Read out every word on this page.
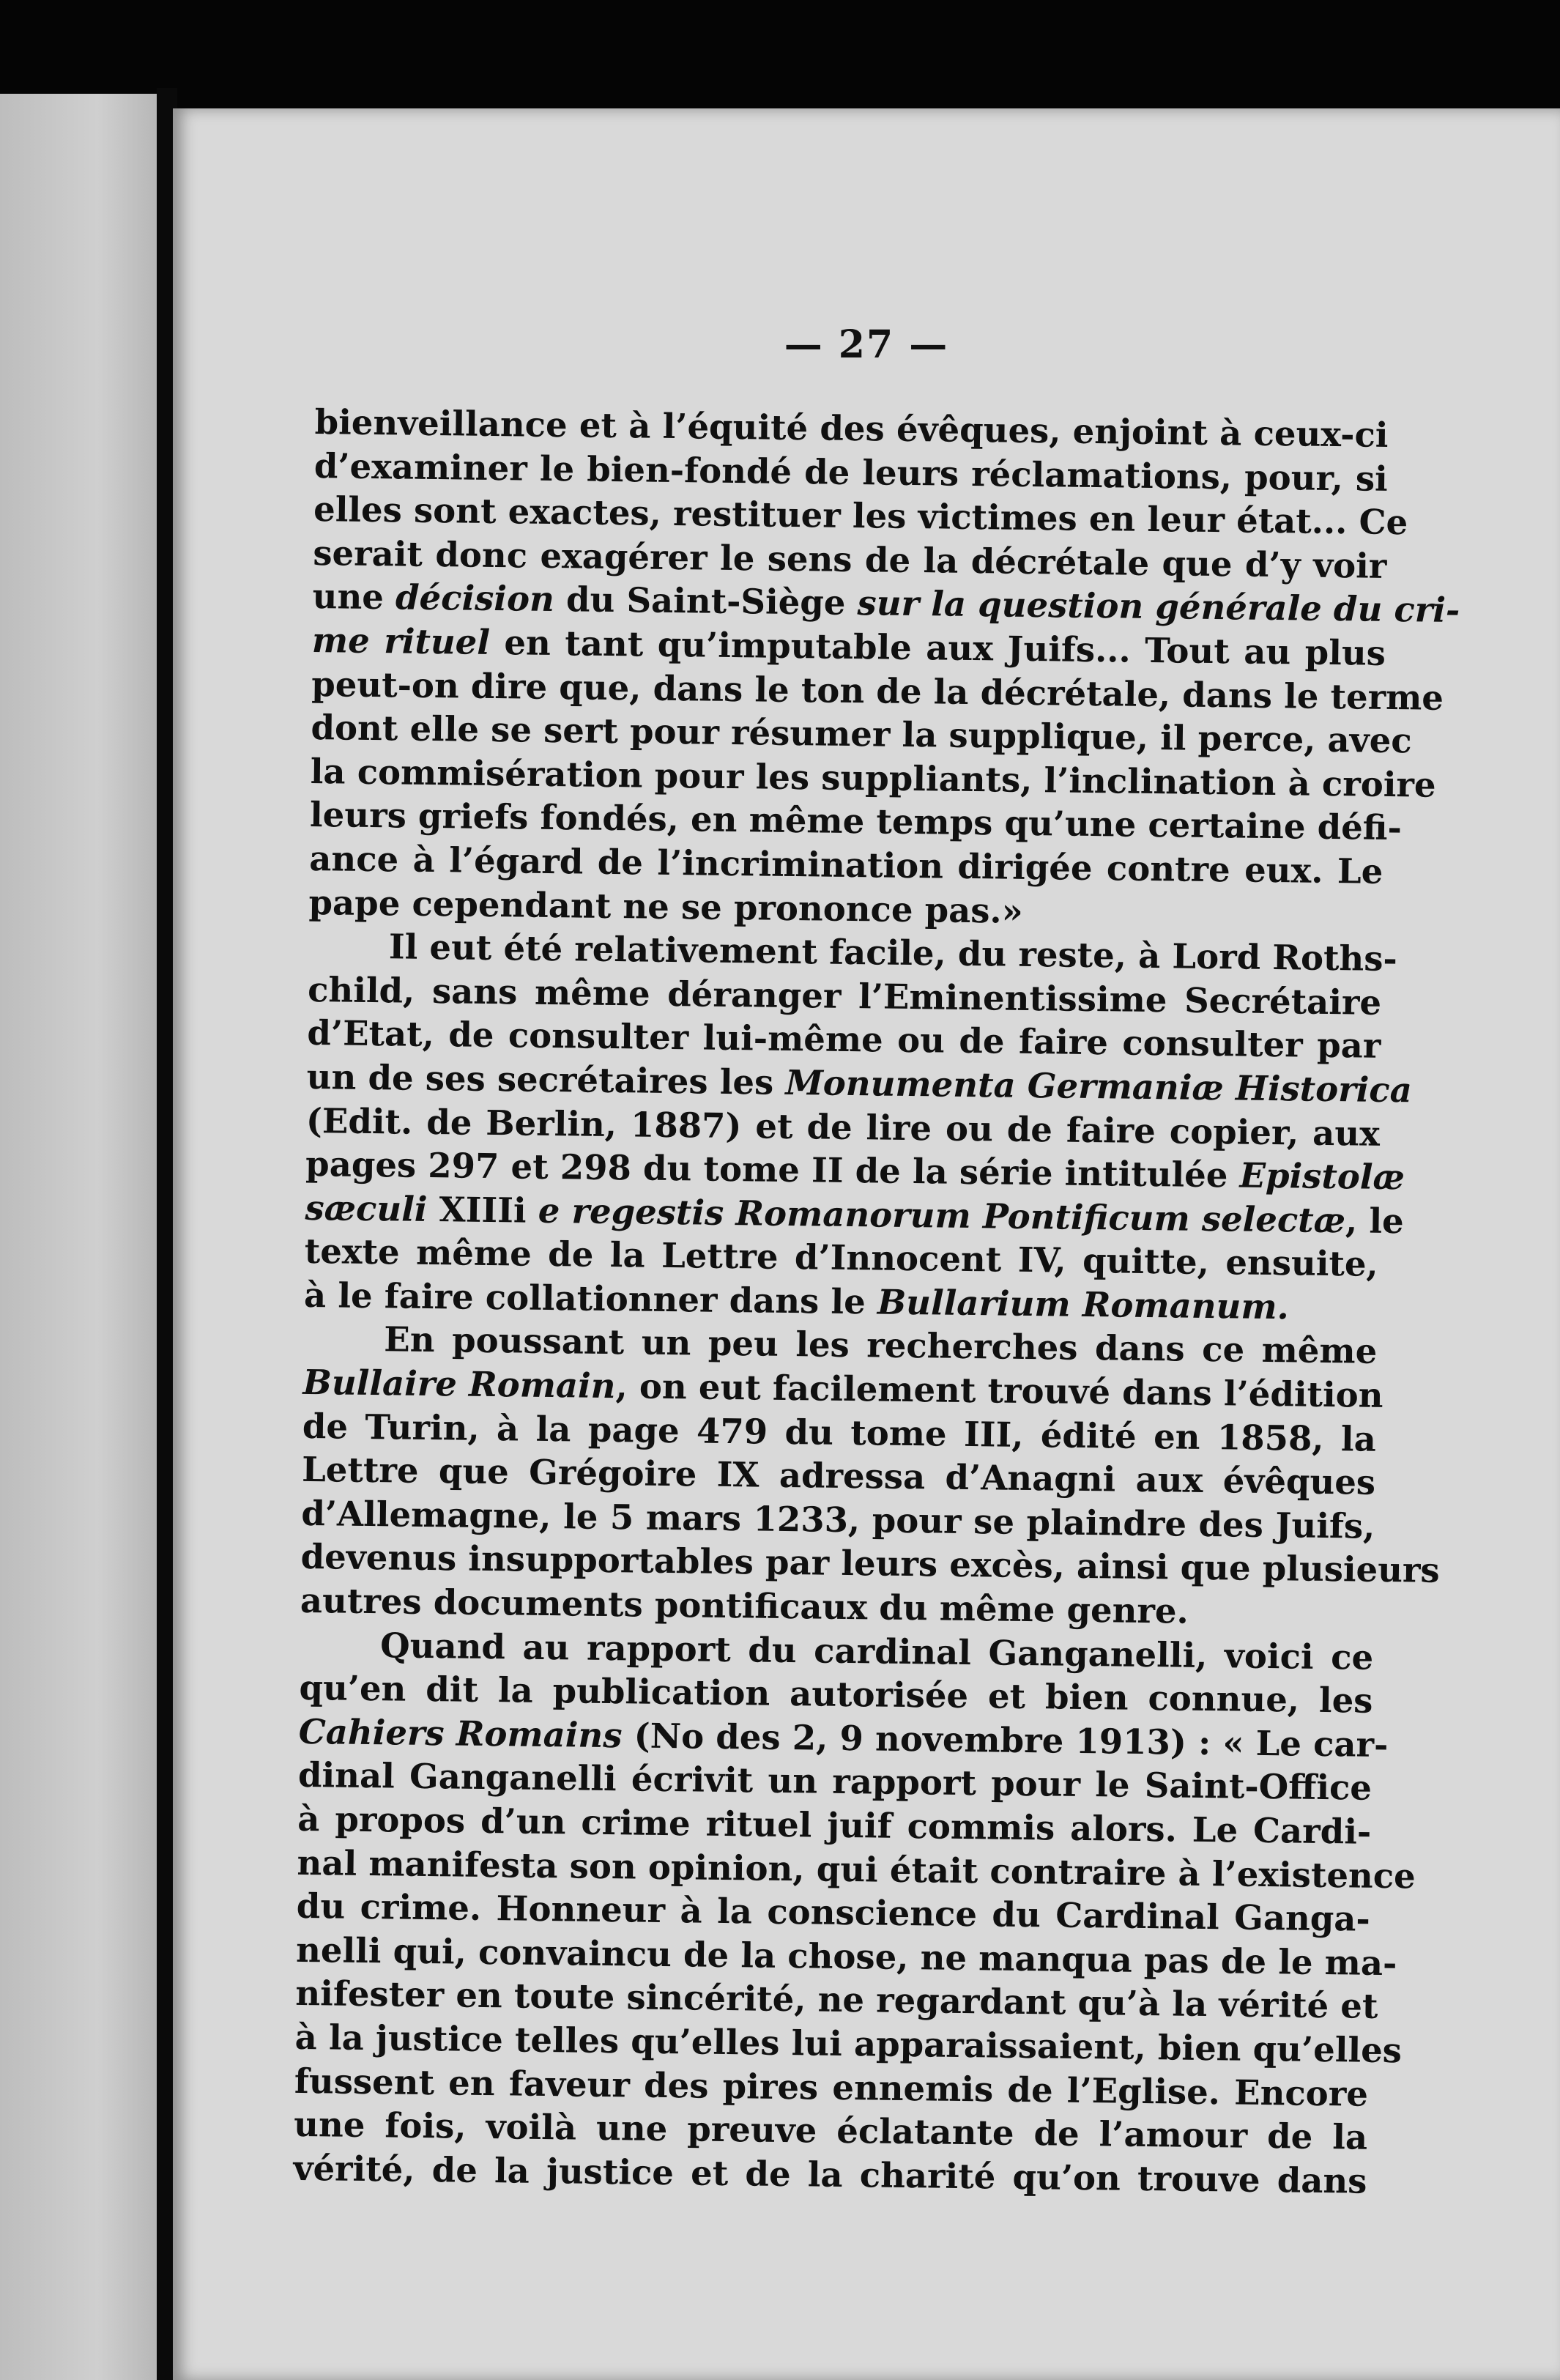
— 27 —

bienveillance et à l’équité des évêques, enjoint à ceux-ci
d’examiner le bien-fondé de leurs réclamations, pour, si
elles sont exactes, restituer les victimes en leur état... Ce
serait donc exagérer le sens de la décrétale que d’y voir
une décision du Saint-Siège sur la question générale du cri-
me rituel en tant qu’imputable aux Juifs... Tout au plus
peut-on dire que, dans le ton de la décrétale, dans le terme
dont elle se sert pour résumer la supplique, il perce, avec
la commisération pour les suppliants, l’inclination à croire
leurs griefs fondés, en même temps qu’une certaine défi-
ance à l’égard de l’incrimination dirigée contre eux. Le
pape cependant ne se prononce pas.»

Il eut été relativement facile, du reste, à Lord Roths-
child, sans même déranger l’Eminentissime Secrétaire
d’Etat, de consulter lui-même ou de faire consulter par
un de ses secrétaires les Monumenta Germaniæ Historica
(Edit. de Berlin, 1887) et de lire ou de faire copier, aux
pages 297 et 298 du tome II de la série intitulée Epistolæ
sæculi XIIIi e regestis Romanorum Pontificum selectæ, le
texte même de la Lettre d’Innocent IV, quitte, ensuite,
à le faire collationner dans le Bullarium Romanum.

En poussant un peu les recherches dans ce même
Bullaire Romain, on eut facilement trouvé dans l’édition
de Turin, à la page 479 du tome III, édité en 1858, la
Lettre que Grégoire IX adressa d’Anagni aux évêques
d’Allemagne, le 5 mars 1233, pour se plaindre des Juifs,
devenus insupportables par leurs excès, ainsi que plusieurs
autres documents pontificaux du même genre.

Quand au rapport du cardinal Ganganelli, voici ce
qu’en dit la publication autorisée et bien connue, les
Cahiers Romains (No des 2, 9 novembre 1913) : « Le car-
dinal Ganganelli écrivit un rapport pour le Saint-Office
à propos d’un crime rituel juif commis alors. Le Cardi-
nal manifesta son opinion, qui était contraire à l’existence
du crime. Honneur à la conscience du Cardinal Ganga-
nelli qui, convaincu de la chose, ne manqua pas de le ma-
nifester en toute sincérité, ne regardant qu’à la vérité et
à la justice telles qu’elles lui apparaissaient, bien qu’elles
fussent en faveur des pires ennemis de l’Eglise. Encore
une fois, voilà une preuve éclatante de l’amour de la
vérité, de la justice et de la charité qu’on trouve dans
